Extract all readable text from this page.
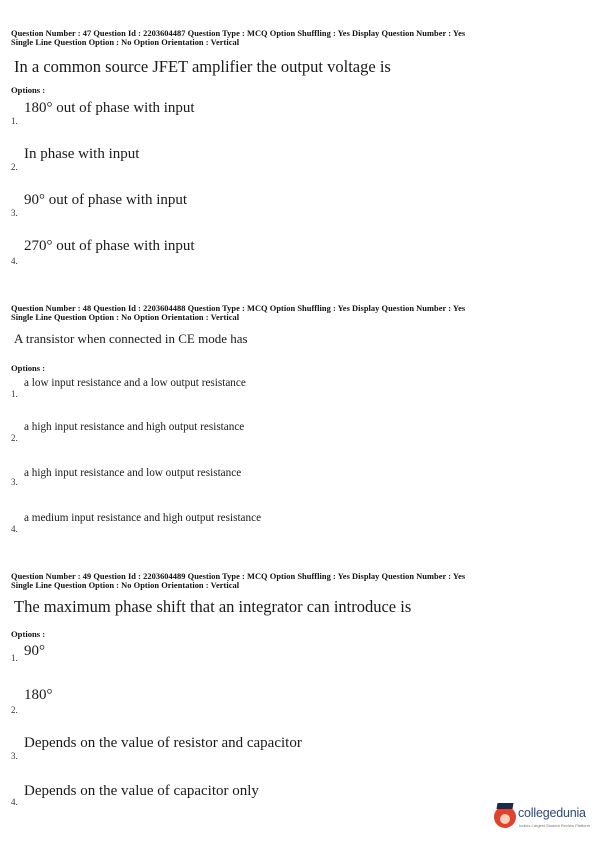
Question Number : 47 Question Id : 2203604487 Question Type : MCQ Option Shuffling : Yes Display Question Number : Yes
Single Line Question Option : No Option Orientation : Vertical
In a common source JFET amplifier the output voltage is
Options :
1.
180° out of phase with input
2.
In phase with input
3.
90° out of phase with input
4.
270° out of phase with input
Question Number : 48 Question Id : 2203604488 Question Type : MCQ Option Shuffling : Yes Display Question Number : Yes
Single Line Question Option : No Option Orientation : Vertical
A transistor when connected in CE mode has
Options :
1.
a low input resistance and a low output resistance
2.
a high input resistance and high output resistance
3.
a high input resistance and low output resistance
4.
a medium input resistance and high output resistance
Question Number : 49 Question Id : 2203604489 Question Type : MCQ Option Shuffling : Yes Display Question Number : Yes
Single Line Question Option : No Option Orientation : Vertical
The maximum phase shift that an integrator can introduce is
Options :
1. 90°
2.
180°
3.
Depends on the value of resistor and capacitor
4.
Depends on the value of capacitor only
collegedunia
India's Largest Student Review Platform
